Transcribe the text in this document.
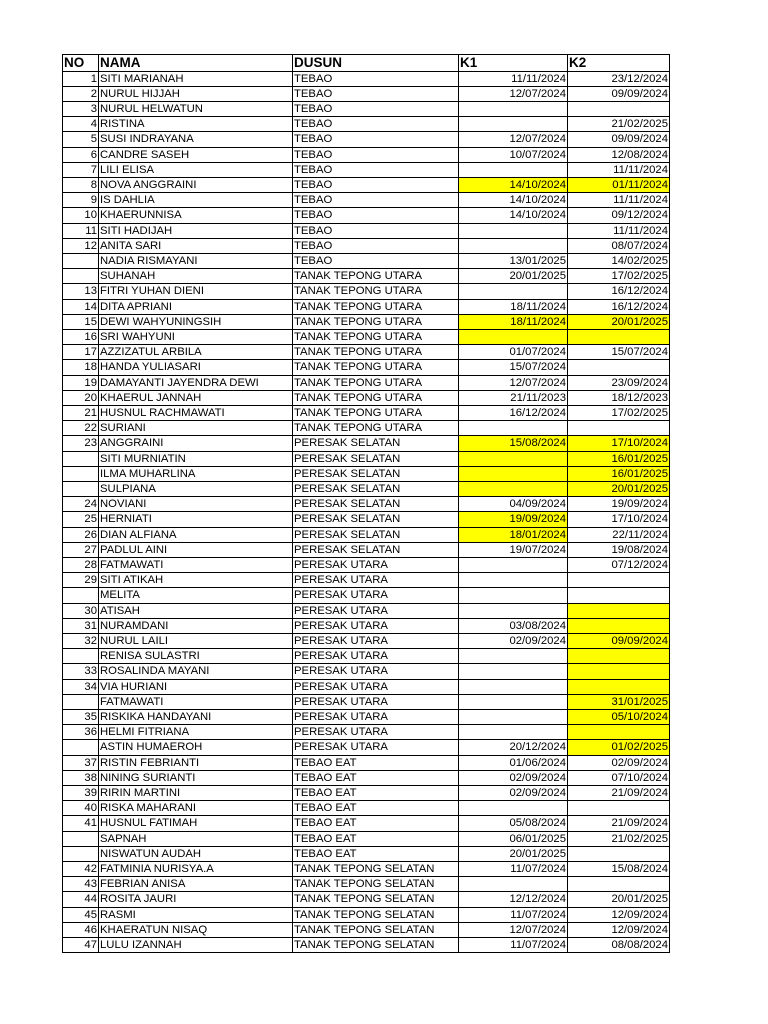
NO	NAMA	DUSUN	K1	K2
1	SITI MARIANAH	TEBAO	11/11/2024	23/12/2024
2	NURUL HIJJAH	TEBAO	12/07/2024	09/09/2024
3	NURUL HELWATUN	TEBAO		
4	RISTINA	TEBAO		21/02/2025
5	SUSI INDRAYANA	TEBAO	12/07/2024	09/09/2024
6	CANDRE SASEH	TEBAO	10/07/2024	12/08/2024
7	LILI ELISA	TEBAO		11/11/2024
8	NOVA ANGGRAINI	TEBAO	14/10/2024	01/11/2024
9	IS DAHLIA	TEBAO	14/10/2024	11/11/2024
10	KHAERUNNISA	TEBAO	14/10/2024	09/12/2024
11	SITI HADIJAH	TEBAO		11/11/2024
12	ANITA SARI	TEBAO		08/07/2024
	NADIA RISMAYANI	TEBAO	13/01/2025	14/02/2025
	SUHANAH	TANAK TEPONG UTARA	20/01/2025	17/02/2025
13	FITRI YUHAN DIENI	TANAK TEPONG UTARA		16/12/2024
14	DITA APRIANI	TANAK TEPONG UTARA	18/11/2024	16/12/2024
15	DEWI WAHYUNINGSIH	TANAK TEPONG UTARA	18/11/2024	20/01/2025
16	SRI WAHYUNI	TANAK TEPONG UTARA		
17	AZZIZATUL ARBILA	TANAK TEPONG UTARA	01/07/2024	15/07/2024
18	HANDA YULIASARI	TANAK TEPONG UTARA	15/07/2024	
19	DAMAYANTI JAYENDRA DEWI	TANAK TEPONG UTARA	12/07/2024	23/09/2024
20	KHAERUL JANNAH	TANAK TEPONG UTARA	21/11/2023	18/12/2023
21	HUSNUL RACHMAWATI	TANAK TEPONG UTARA	16/12/2024	17/02/2025
22	SURIANI	TANAK TEPONG UTARA		
23	ANGGRAINI	PERESAK SELATAN	15/08/2024	17/10/2024
	SITI MURNIATIN	PERESAK SELATAN		16/01/2025
	ILMA MUHARLINA	PERESAK SELATAN		16/01/2025
	SULPIANA	PERESAK SELATAN		20/01/2025
24	NOVIANI	PERESAK SELATAN	04/09/2024	19/09/2024
25	HERNIATI	PERESAK SELATAN	19/09/2024	17/10/2024
26	DIAN ALFIANA	PERESAK SELATAN	18/01/2024	22/11/2024
27	PADLUL AINI	PERESAK SELATAN	19/07/2024	19/08/2024
28	FATMAWATI	PERESAK UTARA		07/12/2024
29	SITI ATIKAH	PERESAK UTARA		
	MELITA	PERESAK UTARA		
30	ATISAH	PERESAK UTARA		
31	NURAMDANI	PERESAK UTARA	03/08/2024	
32	NURUL LAILI	PERESAK UTARA	02/09/2024	09/09/2024
	RENISA SULASTRI	PERESAK UTARA		
33	ROSALINDA MAYANI	PERESAK UTARA		
34	VIA HURIANI	PERESAK UTARA		
	FATMAWATI	PERESAK UTARA		31/01/2025
35	RISKIKA HANDAYANI	PERESAK UTARA		05/10/2024
36	HELMI FITRIANA	PERESAK UTARA		
	ASTIN HUMAEROH	PERESAK UTARA	20/12/2024	01/02/2025
37	RISTIN FEBRIANTI	TEBAO EAT	01/06/2024	02/09/2024
38	NINING SURIANTI	TEBAO EAT	02/09/2024	07/10/2024
39	RIRIN MARTINI	TEBAO EAT	02/09/2024	21/09/2024
40	RISKA MAHARANI	TEBAO EAT		
41	HUSNUL FATIMAH	TEBAO EAT	05/08/2024	21/09/2024
	SAPNAH	TEBAO EAT	06/01/2025	21/02/2025
	NISWATUN AUDAH	TEBAO EAT	20/01/2025	
42	FATMINIA NURISYA.A	TANAK TEPONG SELATAN	11/07/2024	15/08/2024
43	FEBRIAN ANISA	TANAK TEPONG SELATAN		
44	ROSITA JAURI	TANAK TEPONG SELATAN	12/12/2024	20/01/2025
45	RASMI	TANAK TEPONG SELATAN	11/07/2024	12/09/2024
46	KHAERATUN NISAQ	TANAK TEPONG SELATAN	12/07/2024	12/09/2024
47	LULU IZANNAH	TANAK TEPONG SELATAN	11/07/2024	08/08/2024
